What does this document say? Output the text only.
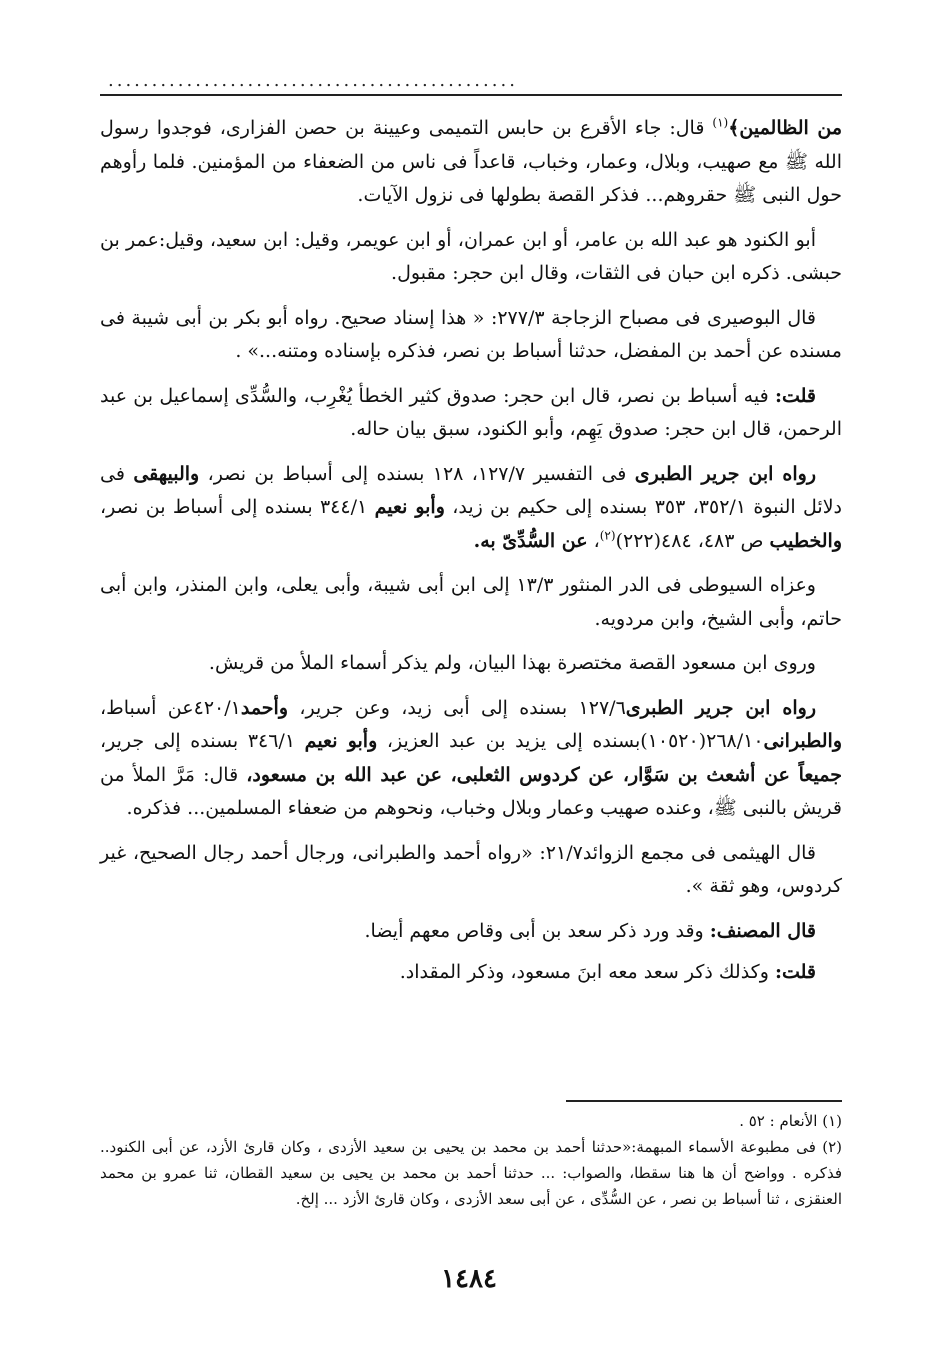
...............................................

من الظالمين﴾$^{(١)}$ قال: جاء الأقرع بن حابس التميمى وعيينة بن حصن الفزارى، فوجدوا رسول الله ﷺ مع صهيب، وبلال، وعمار، وخباب، قاعداً فى ناس من الضعفاء من المؤمنين. فلما رأوهم حول النبى ﷺ حقروهم... فذكر القصة بطولها فى نزول الآيات.

أبو الكنود هو عبد الله بن عامر، أو ابن عمران، أو ابن عويمر، وقيل: ابن سعيد، وقيل:عمر بن حبشى. ذكره ابن حبان فى الثقات، وقال ابن حجر: مقبول.

قال البوصيرى فى مصباح الزجاجة ٢٧٧/٣: « هذا إسناد صحيح. رواه أبو بكر بن أبى شيبة فى مسنده عن أحمد بن المفضل، حدثنا أسباط بن نصر، فذكره بإسناده ومتنه...» .

قلت: فيه أسباط بن نصر، قال ابن حجر: صدوق كثير الخطأ يُغْرِب، والسُّدِّى إسماعيل بن عبد الرحمن، قال ابن حجر: صدوق يَهِم، وأبو الكنود، سبق بيان حاله.

رواه ابن جرير الطبرى فى التفسير ١٢٧/٧، ١٢٨ بسنده إلى أسباط بن نصر، والبيهقى فى دلائل النبوة ٣٥٢/١، ٣٥٣ بسنده إلى حكيم بن زيد، وأبو نعيم ٣٤٤/١ بسنده إلى أسباط بن نصر، والخطيب ص ٤٨٣، ٤٨٤(٢٢٢)$^{(٢)}$، عن السُّدِّىّ به.

وعزاه السيوطى فى الدر المنثور ١٣/٣ إلى ابن أبى شيبة، وأبى يعلى، وابن المنذر، وابن أبى حاتم، وأبى الشيخ، وابن مردويه.

وروى ابن مسعود القصة مختصرة بهذا البيان، ولم يذكر أسماء الملأ من قريش.

رواه ابن جرير الطبرى١٢٧/٦ بسنده إلى أبى زيد، وعن جرير، وأحمد٤٢٠/١عن أسباط، والطبرانى٢٦٨/١٠(١٠٥٢٠)بسنده إلى يزيد بن عبد العزيز، وأبو نعيم ٣٤٦/١ بسنده إلى جرير، جميعاً عن أشعث بن سَوَّار، عن كردوس الثعلبى، عن عبد الله بن مسعود، قال: مَرَّ الملأ من قريش بالنبى ﷺ، وعنده صهيب وعمار وبلال وخباب، ونحوهم من ضعفاء المسلمين... فذكره.

قال الهيثمى فى مجمع الزوائد٢١/٧: «رواه أحمد والطبرانى، ورجال أحمد رجال الصحيح، غير كردوس، وهو ثقة ».

قال المصنف: وقد ورد ذكر سعد بن أبى وقاص معهم أيضا.

قلت: وكذلك ذكر سعد معه ابنَ مسعود، وذكر المقداد.

(١) الأنعام : ٥٢ .

(٢) فى مطبوعة الأسماء المبهمة:«حدثنا أحمد بن محمد بن يحيى بن سعيد الأزدى ، وكان قارئ الأزد، عن أبى الكنود.. فذكره . وواضح أن ها هنا سقطا، والصواب: ... حدثنا أحمد بن محمد بن يحيى بن سعيد القطان، ثنا عمرو بن محمد العنقزى ، ثنا أسباط بن نصر ، عن السُّدِّى ، عن أبى سعد الأزدى ، وكان قارئ الأزد ... إلخ.

١٤٨٤
